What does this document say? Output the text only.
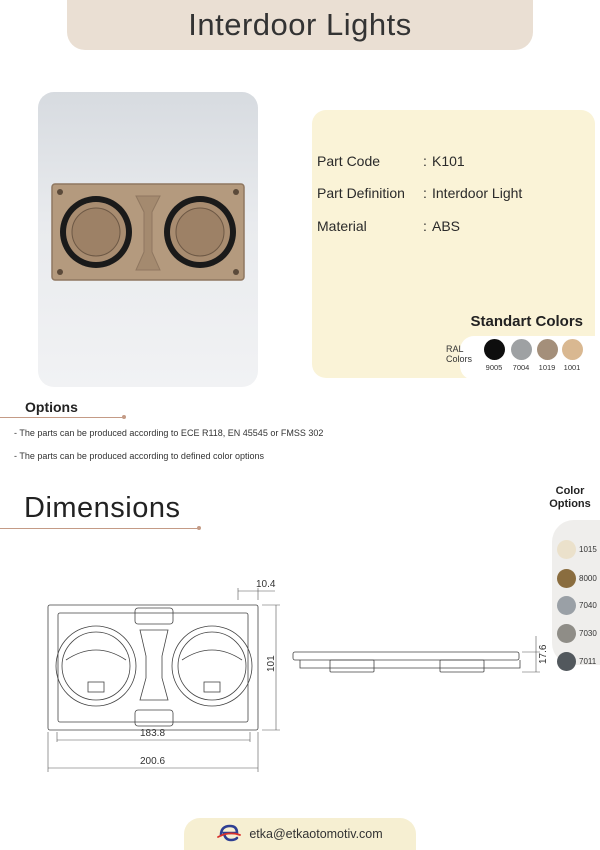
Interdoor Lights
Part Code	: K101
Part Definition	: Interdoor Light
Material	: ABS
Standart Colors
RAL
Colors
9005	7004	1019	1001
Options
- The parts can be produced according to ECE R118, EN 45545 or FMSS 302
- The parts can be produced according to defined color options
Dimensions
Color
Options
1015
8000
7040
7030
7011
10.4
101
183.8
200.6
17.6
etka@etkaotomotiv.com
